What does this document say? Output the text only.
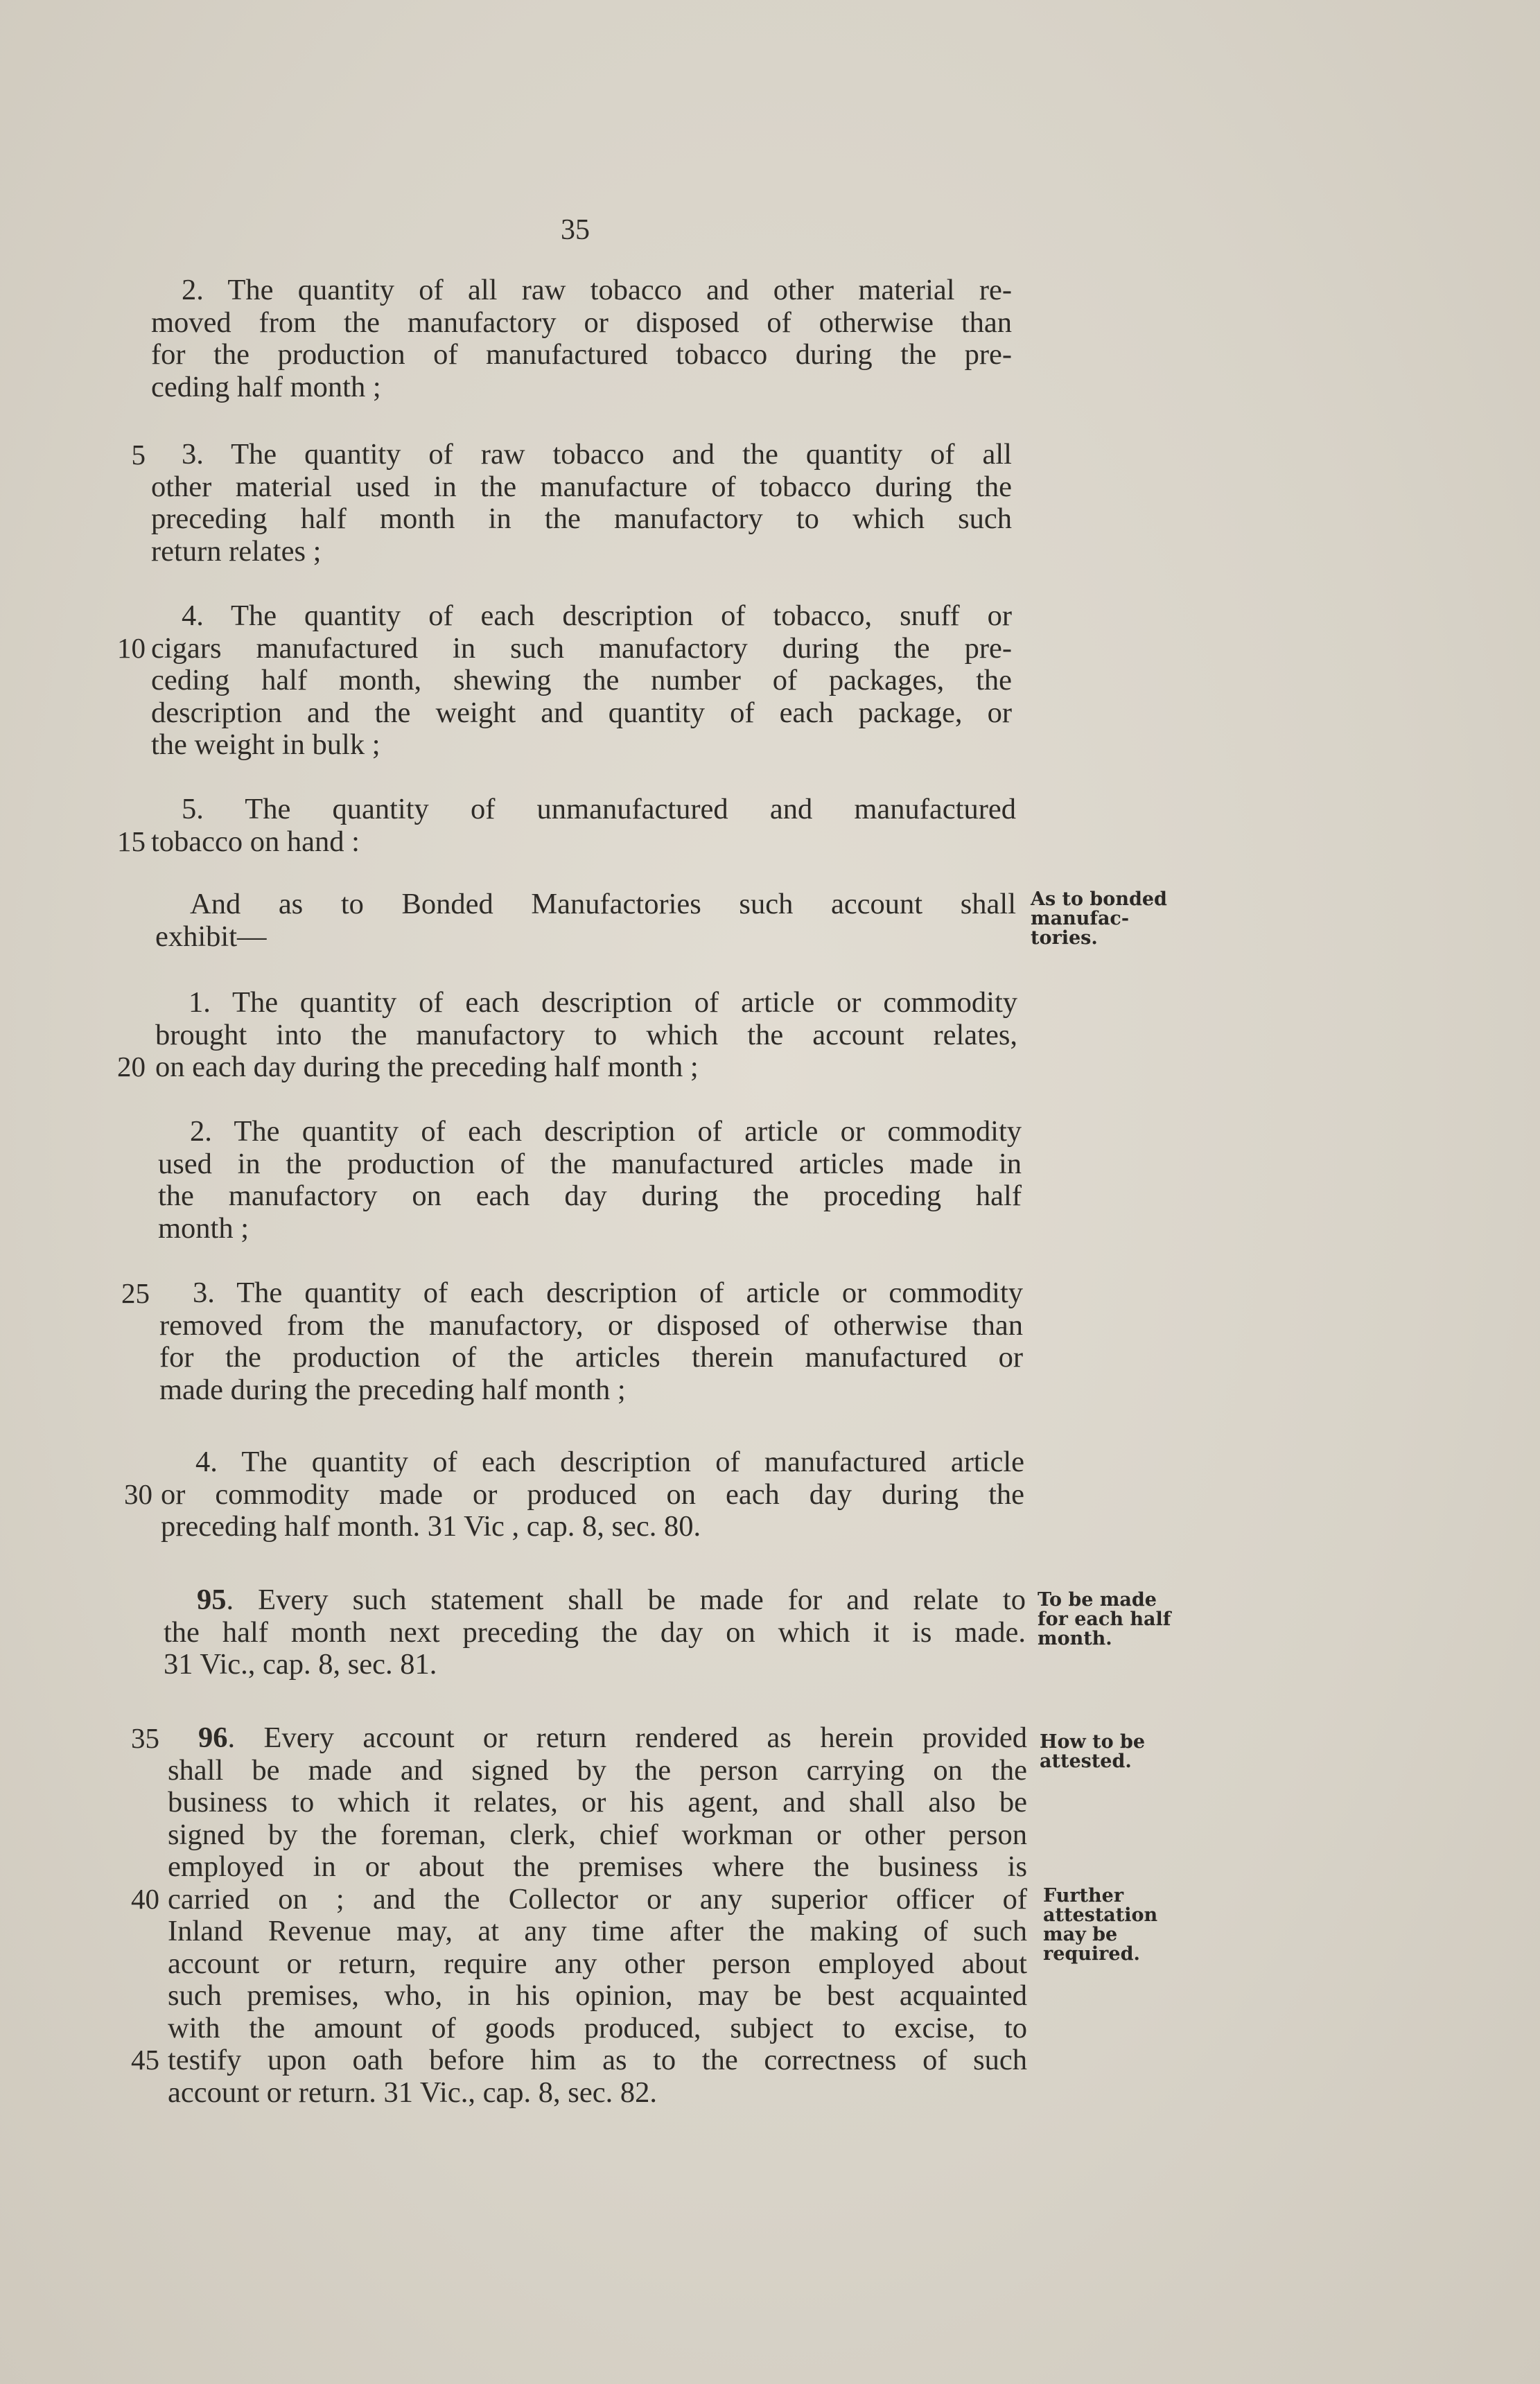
35
5
10
15
20
25
30
35
40
45
2. The quantity of all raw tobacco and other material re-
moved from the manufactory or disposed of otherwise than
for the production of manufactured tobacco during the pre-
ceding half month ;
3. The quantity of raw tobacco and the quantity of all
other material used in the manufacture of tobacco during the
preceding half month in the manufactory to which such
return relates ;
4. The quantity of each description of tobacco, snuff or
cigars manufactured in such manufactory during the pre-
ceding half month, shewing the number of packages, the
description and the weight and quantity of each package, or
the weight in bulk ;
5. The quantity of unmanufactured and manufactured
tobacco on hand :
And as to Bonded Manufactories such account shall
exhibit—
1. The quantity of each description of article or commodity
brought into the manufactory to which the account relates,
on each day during the preceding half month ;
2. The quantity of each description of article or commodity
used in the production of the manufactured articles made in
the manufactory on each day during the proceding half
month ;
3. The quantity of each description of article or commodity
removed from the manufactory, or disposed of otherwise than
for the production of the articles therein manufactured or
made during the preceding half month ;
4. The quantity of each description of manufactured article
or commodity made or produced on each day during the
preceding half month. 31 Vic , cap. 8, sec. 80.
95. Every such statement shall be made for and relate to
the half month next preceding the day on which it is made.
31 Vic., cap. 8, sec. 81.
96. Every account or return rendered as herein provided
shall be made and signed by the person carrying on the
business to which it relates, or his agent, and shall also be
signed by the foreman, clerk, chief workman or other person
employed in or about the premises where the business is
carried on ; and the Collector or any superior officer of
Inland Revenue may, at any time after the making of such
account or return, require any other person employed about
such premises, who, in his opinion, may be best acquainted
with the amount of goods produced, subject to excise, to
testify upon oath before him as to the correctness of such
account or return. 31 Vic., cap. 8, sec. 82.
As to bonded
manufac-
tories.
To be made
for each half
month.
How to be
attested.
Further
attestation
may be
required.
